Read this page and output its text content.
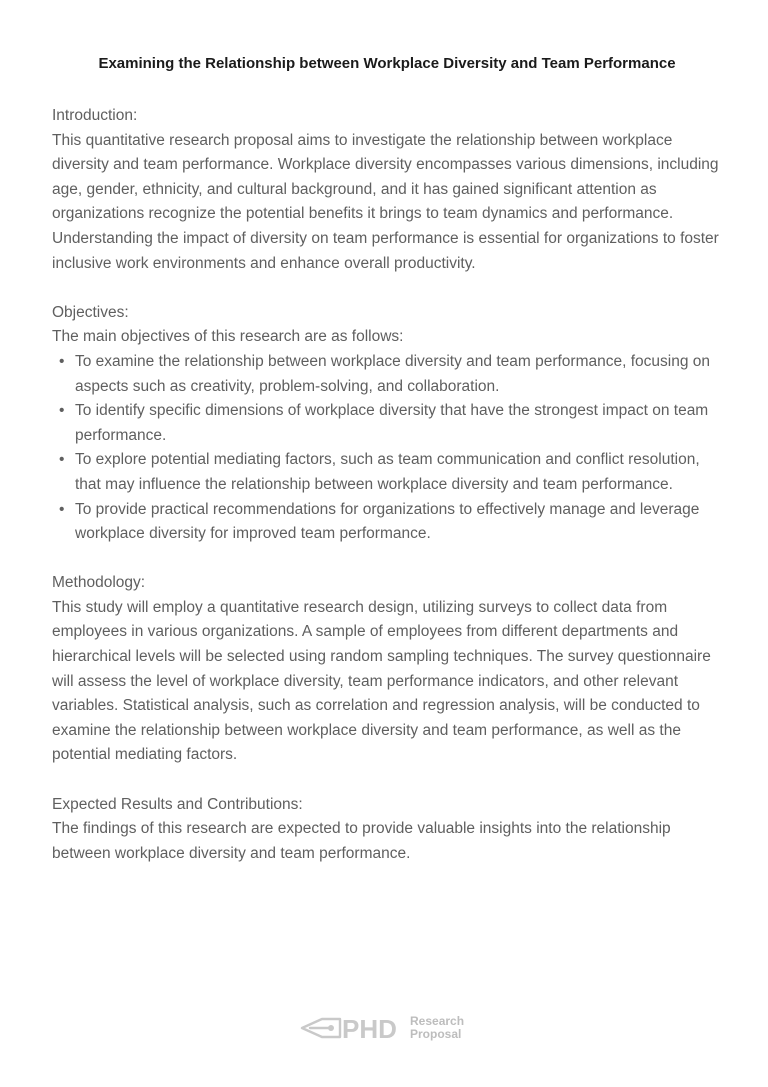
Examining the Relationship between Workplace Diversity and Team Performance

Introduction:

This quantitative research proposal aims to investigate the relationship between workplace diversity and team performance. Workplace diversity encompasses various dimensions, including age, gender, ethnicity, and cultural background, and it has gained significant attention as organizations recognize the potential benefits it brings to team dynamics and performance. Understanding the impact of diversity on team performance is essential for organizations to foster inclusive work environments and enhance overall productivity.

Objectives:

The main objectives of this research are as follows:

• To examine the relationship between workplace diversity and team performance, focusing on aspects such as creativity, problem-solving, and collaboration.
• To identify specific dimensions of workplace diversity that have the strongest impact on team performance.
• To explore potential mediating factors, such as team communication and conflict resolution, that may influence the relationship between workplace diversity and team performance.
• To provide practical recommendations for organizations to effectively manage and leverage workplace diversity for improved team performance.

Methodology:

This study will employ a quantitative research design, utilizing surveys to collect data from employees in various organizations. A sample of employees from different departments and hierarchical levels will be selected using random sampling techniques. The survey questionnaire will assess the level of workplace diversity, team performance indicators, and other relevant variables. Statistical analysis, such as correlation and regression analysis, will be conducted to examine the relationship between workplace diversity and team performance, as well as the potential mediating factors.

Expected Results and Contributions:

The findings of this research are expected to provide valuable insights into the relationship between workplace diversity and team performance.

PHD Research
Proposal
